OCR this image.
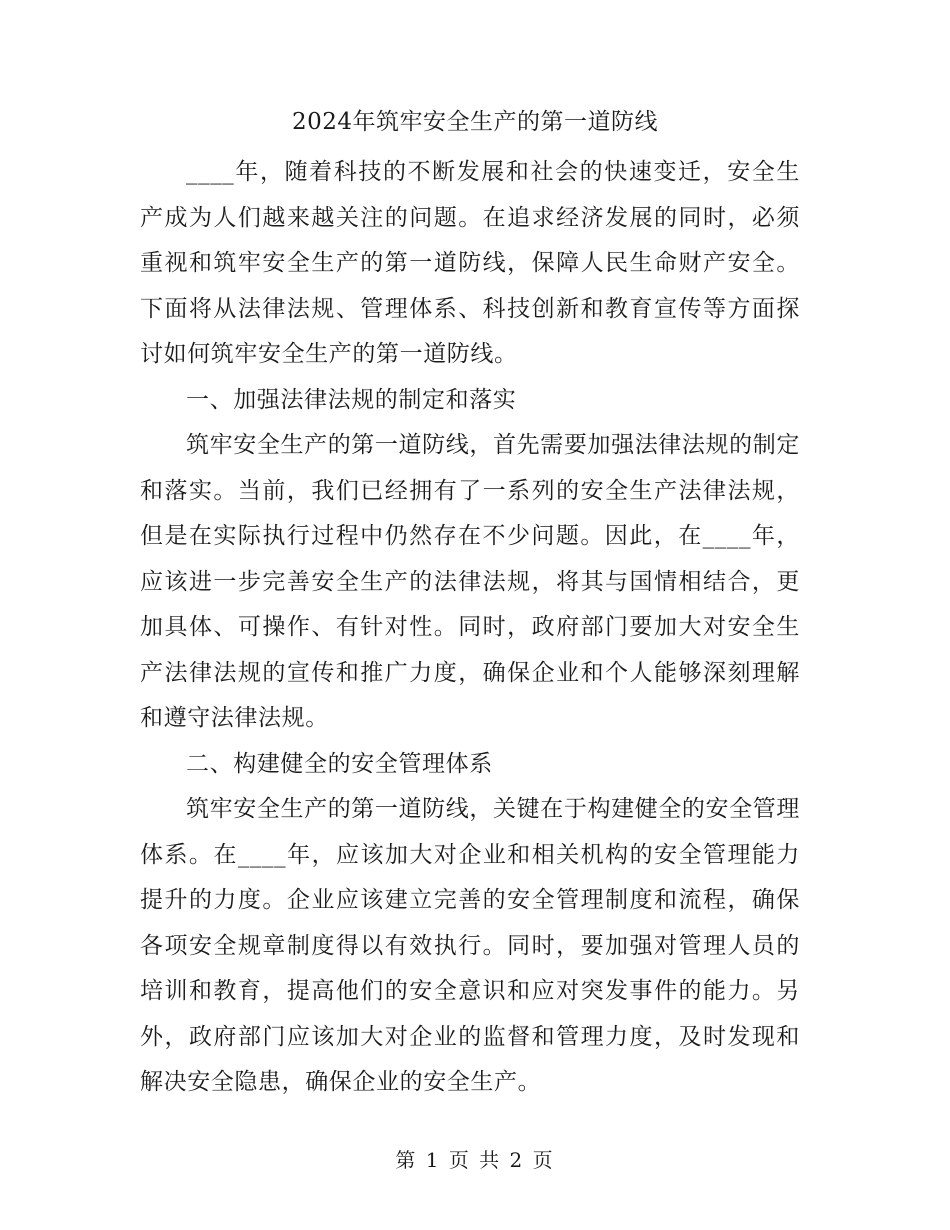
2024年筑牢安全生产的第一道防线

____年，随着科技的不断发展和社会的快速变迁，安全生产成为人们越来越关注的问题。在追求经济发展的同时，必须重视和筑牢安全生产的第一道防线，保障人民生命财产安全。下面将从法律法规、管理体系、科技创新和教育宣传等方面探讨如何筑牢安全生产的第一道防线。

一、加强法律法规的制定和落实

筑牢安全生产的第一道防线，首先需要加强法律法规的制定和落实。当前，我们已经拥有了一系列的安全生产法律法规，但是在实际执行过程中仍然存在不少问题。因此，在____年，应该进一步完善安全生产的法律法规，将其与国情相结合，更加具体、可操作、有针对性。同时，政府部门要加大对安全生产法律法规的宣传和推广力度，确保企业和个人能够深刻理解和遵守法律法规。

二、构建健全的安全管理体系

筑牢安全生产的第一道防线，关键在于构建健全的安全管理体系。在____年，应该加大对企业和相关机构的安全管理能力提升的力度。企业应该建立完善的安全管理制度和流程，确保各项安全规章制度得以有效执行。同时，要加强对管理人员的培训和教育，提高他们的安全意识和应对突发事件的能力。另外，政府部门应该加大对企业的监督和管理力度，及时发现和解决安全隐患，确保企业的安全生产。

第 1 页 共 2 页
